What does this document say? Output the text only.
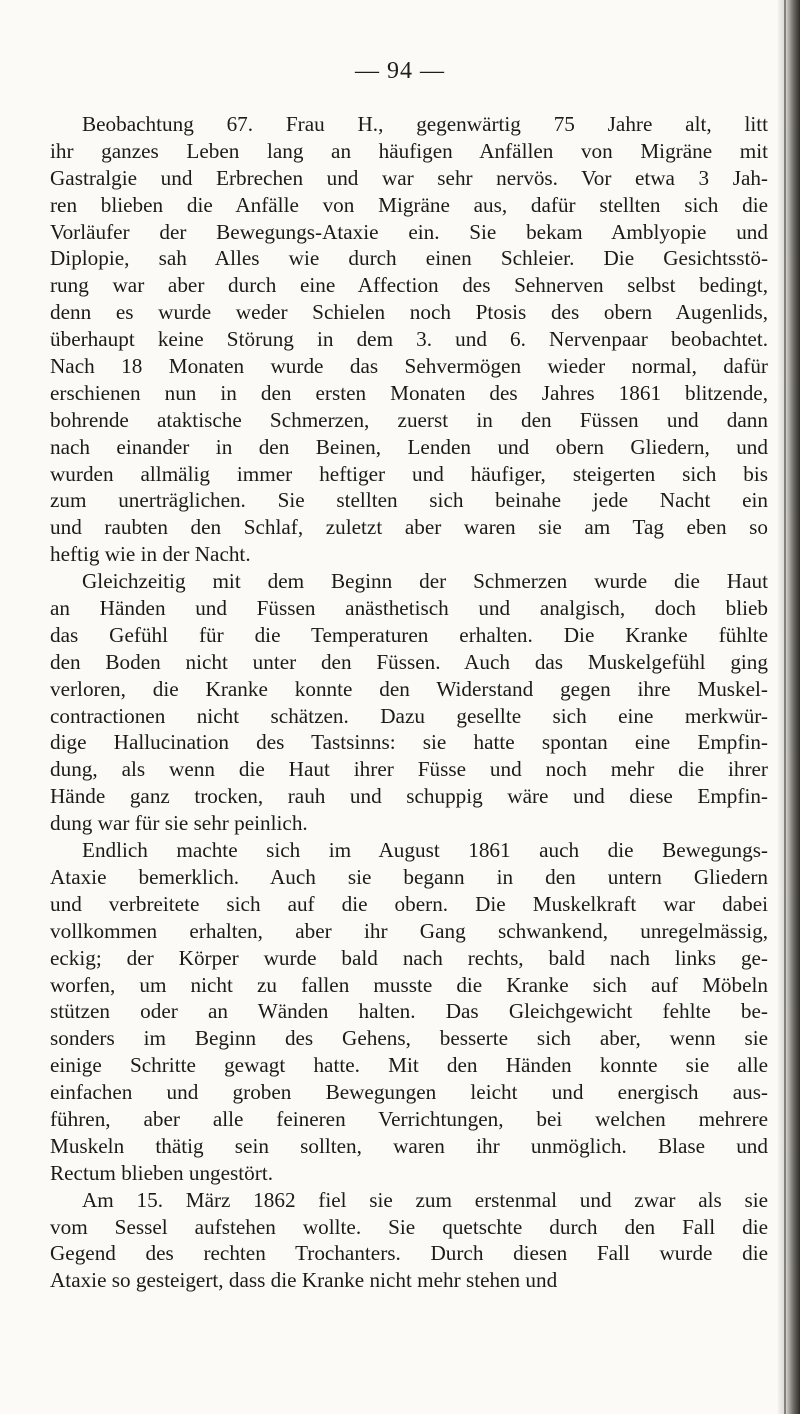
— 94 —
Beobachtung 67. Frau H., gegenwärtig 75 Jahre alt, litt
ihr ganzes Leben lang an häufigen Anfällen von Migräne mit
Gastralgie und Erbrechen und war sehr nervös. Vor etwa 3 Jah-
ren blieben die Anfälle von Migräne aus, dafür stellten sich die
Vorläufer der Bewegungs-Ataxie ein. Sie bekam Amblyopie und
Diplopie, sah Alles wie durch einen Schleier. Die Gesichtsstö-
rung war aber durch eine Affection des Sehnerven selbst bedingt,
denn es wurde weder Schielen noch Ptosis des obern Augenlids,
überhaupt keine Störung in dem 3. und 6. Nervenpaar beobachtet.
Nach 18 Monaten wurde das Sehvermögen wieder normal, dafür
erschienen nun in den ersten Monaten des Jahres 1861 blitzende,
bohrende ataktische Schmerzen, zuerst in den Füssen und dann
nach einander in den Beinen, Lenden und obern Gliedern, und
wurden allmälig immer heftiger und häufiger, steigerten sich bis
zum unerträglichen. Sie stellten sich beinahe jede Nacht ein
und raubten den Schlaf, zuletzt aber waren sie am Tag eben so
heftig wie in der Nacht.
Gleichzeitig mit dem Beginn der Schmerzen wurde die Haut
an Händen und Füssen anästhetisch und analgisch, doch blieb
das Gefühl für die Temperaturen erhalten. Die Kranke fühlte
den Boden nicht unter den Füssen. Auch das Muskelgefühl ging
verloren, die Kranke konnte den Widerstand gegen ihre Muskel-
contractionen nicht schätzen. Dazu gesellte sich eine merkwür-
dige Hallucination des Tastsinns: sie hatte spontan eine Empfin-
dung, als wenn die Haut ihrer Füsse und noch mehr die ihrer
Hände ganz trocken, rauh und schuppig wäre und diese Empfin-
dung war für sie sehr peinlich.
Endlich machte sich im August 1861 auch die Bewegungs-
Ataxie bemerklich. Auch sie begann in den untern Gliedern
und verbreitete sich auf die obern. Die Muskelkraft war dabei
vollkommen erhalten, aber ihr Gang schwankend, unregelmässig,
eckig; der Körper wurde bald nach rechts, bald nach links ge-
worfen, um nicht zu fallen musste die Kranke sich auf Möbeln
stützen oder an Wänden halten. Das Gleichgewicht fehlte be-
sonders im Beginn des Gehens, besserte sich aber, wenn sie
einige Schritte gewagt hatte. Mit den Händen konnte sie alle
einfachen und groben Bewegungen leicht und energisch aus-
führen, aber alle feineren Verrichtungen, bei welchen mehrere
Muskeln thätig sein sollten, waren ihr unmöglich. Blase und
Rectum blieben ungestört.
Am 15. März 1862 fiel sie zum erstenmal und zwar als sie
vom Sessel aufstehen wollte. Sie quetschte durch den Fall die
Gegend des rechten Trochanters. Durch diesen Fall wurde die
Ataxie so gesteigert, dass die Kranke nicht mehr stehen und
